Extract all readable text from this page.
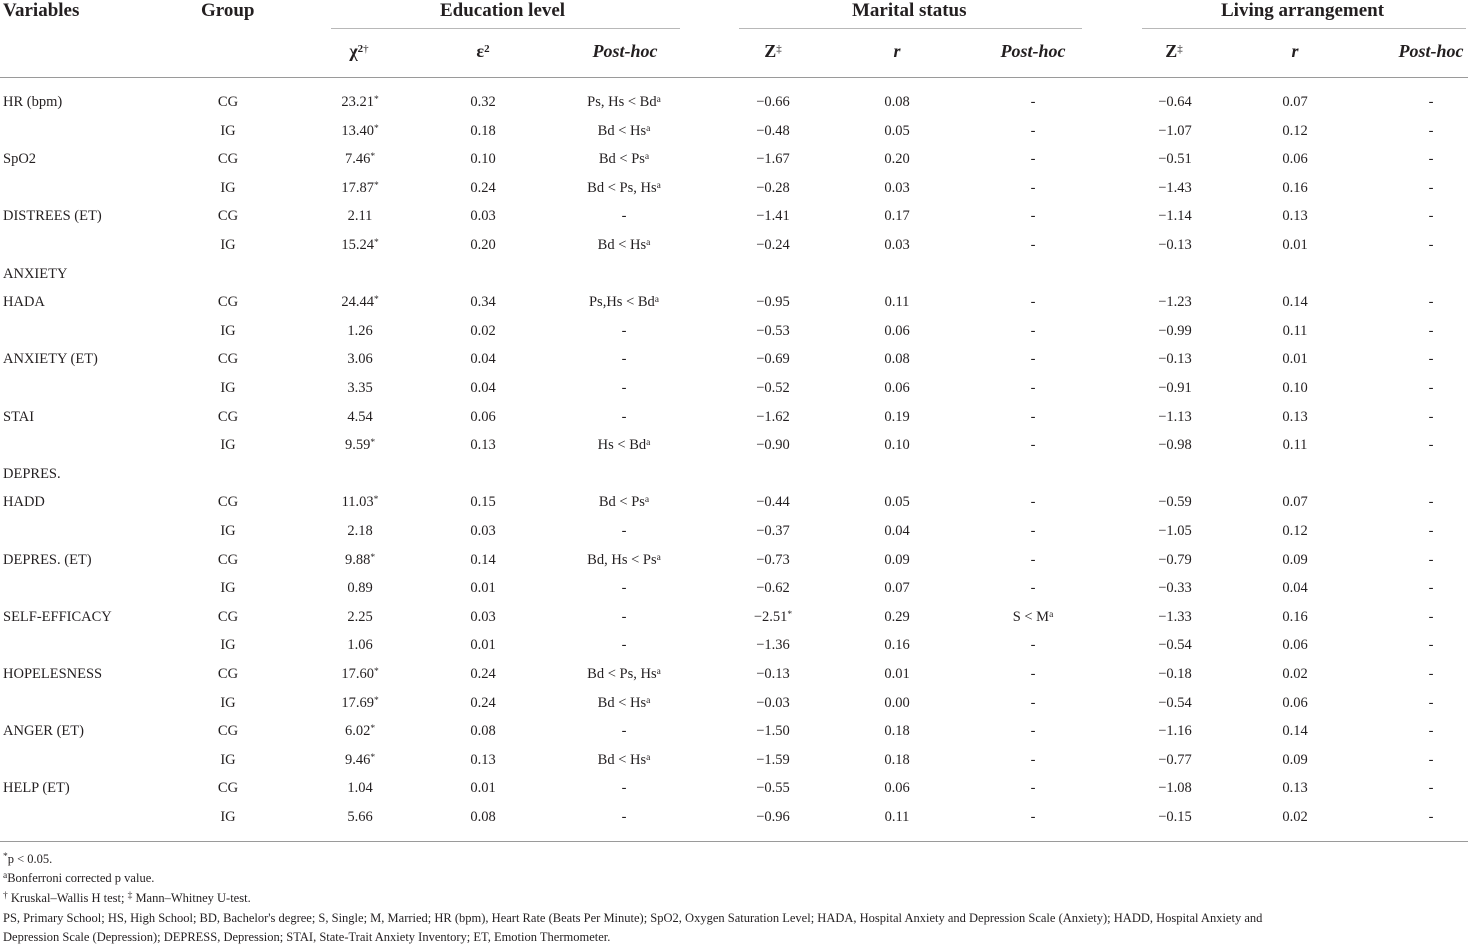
Variables	Group	Education level	Marital status	Living arrangement
$\chi^{2\dagger}$	$\varepsilon^2$	Post-hoc	Z‡	r	Post-hoc	Z‡	r	Post-hoc
HR (bpm)	CG	23.21*	0.32	Ps, $Hs < Bd^a$	−0.66	0.08	-	−0.64	0.07	-
IG	13.40*	0.18	$Bd < Hs^a$	−0.48	0.05	-	−1.07	0.12	-
SpO2	CG	7.46*	0.10	$Bd < Ps^a$	−1.67	0.20	-	−0.51	0.06	-
IG	17.87*	0.24	Bd < Ps, $Hs^a$	−0.28	0.03	-	−1.43	0.16	-
DISTREES (ET)	CG	2.11	0.03	-	−1.41	0.17	-	−1.14	0.13	-
IG	15.24*	0.20	$Bd < Hs^a$	−0.24	0.03	-	−0.13	0.01	-
ANXIETY
HADA	CG	24.44*	0.34	$Ps,Hs < Bd^a$	−0.95	0.11	-	−1.23	0.14	-
IG	1.26	0.02	-	−0.53	0.06	-	−0.99	0.11	-
ANXIETY (ET)	CG	3.06	0.04	-	−0.69	0.08	-	−0.13	0.01	-
IG	3.35	0.04	-	−0.52	0.06	-	−0.91	0.10	-
STAI	CG	4.54	0.06	-	−1.62	0.19	-	−1.13	0.13	-
IG	9.59*	0.13	$Hs < Bd^a$	−0.90	0.10	-	−0.98	0.11	-
DEPRES.
HADD	CG	11.03*	0.15	$Bd < Ps^a$	−0.44	0.05	-	−0.59	0.07	-
IG	2.18	0.03	-	−0.37	0.04	-	−1.05	0.12	-
DEPRES. (ET)	CG	9.88*	0.14	Bd, $Hs < Ps^a$	−0.73	0.09	-	−0.79	0.09	-
IG	0.89	0.01	-	−0.62	0.07	-	−0.33	0.04	-
SELF-EFFICACY	CG	2.25	0.03	-	−2.51*	0.29	$S < M^a$	−1.33	0.16	-
IG	1.06	0.01	-	−1.36	0.16	-	−0.54	0.06	-
HOPELESNESS	CG	17.60*	0.24	Bd < Ps, $Hs^a$	−0.13	0.01	-	−0.18	0.02	-
IG	17.69*	0.24	$Bd < Hs^a$	−0.03	0.00	-	−0.54	0.06	-
ANGER (ET)	CG	6.02*	0.08	-	−1.50	0.18	-	−1.16	0.14	-
IG	9.46*	0.13	$Bd < Hs^a$	−1.59	0.18	-	−0.77	0.09	-
HELP (ET)	CG	1.04	0.01	-	−0.55	0.06	-	−1.08	0.13	-
IG	5.66	0.08	-	−0.96	0.11	-	−0.15	0.02	-
*p < 0.05.
$^a$Bonferroni corrected p value.
† Kruskal–Wallis H test; ‡ Mann–Whitney U-test.
PS, Primary School; HS, High School; BD, Bachelor's degree; S, Single; M, Married; HR (bpm), Heart Rate (Beats Per Minute); SpO2, Oxygen Saturation Level; HADA, Hospital Anxiety and Depression Scale (Anxiety); HADD, Hospital Anxiety and
Depression Scale (Depression); DEPRESS, Depression; STAI, State-Trait Anxiety Inventory; ET, Emotion Thermometer.
